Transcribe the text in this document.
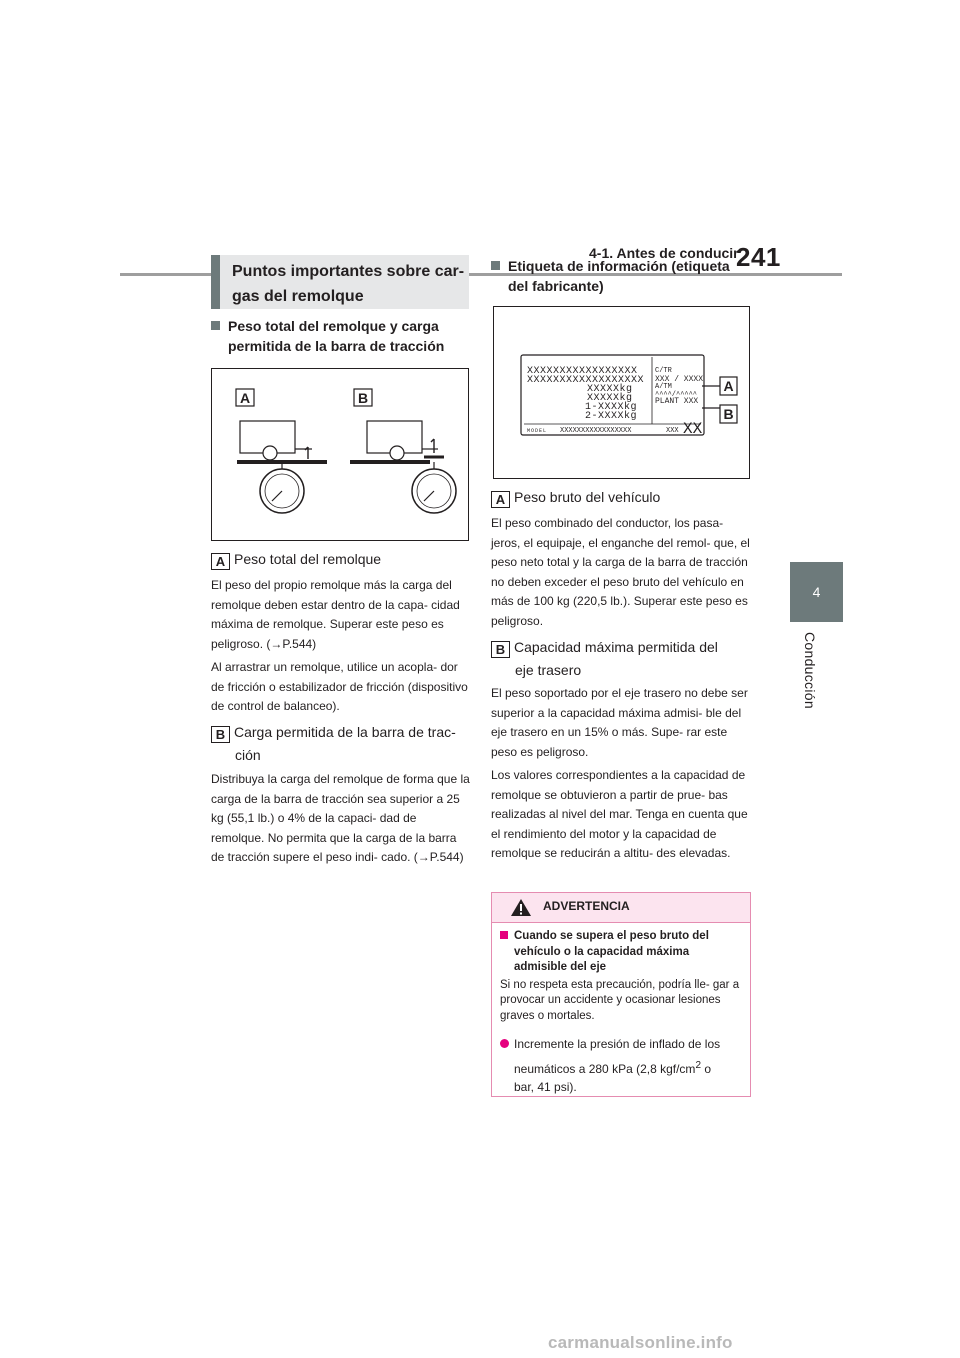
4-1. Antes de conducir
241
4
Conducción
Puntos importantes sobre car-
gas del remolque
Peso total del remolque y carga
permitida de la barra de tracción
A	B
A Peso total del remolque

El peso del propio remolque más la carga del remolque deben estar dentro de la capa- cidad máxima de remolque. Superar este peso es peligroso. (→P.544)

Al arrastrar un remolque, utilice un acopla- dor de fricción o estabilizador de fricción (dispositivo de control de balanceo).

B Carga permitida de la barra de trac-
ción

Distribuya la carga del remolque de forma que la carga de la barra de tracción sea superior a 25 kg (55,1 lb.) o 4% de la capaci- dad de remolque. No permita que la carga de la barra de tracción supere el peso indi- cado. (→P.544)

Etiqueta de información (etiqueta
del fabricante)
XXXXXXXXXXXXXXXXX
XXXXXXXXXXXXXXXXXX
XXXXXkg
XXXXXkg
1-XXXXkg
2-XXXXkg
C/TR
XXX / XXXX
A/TM
^^^^/^^^^^
PLANT XXX
MODEL XXXXXXXXXXXXXXXXX	XXX XX
A
B
A Peso bruto del vehículo

El peso combinado del conductor, los pasa- jeros, el equipaje, el enganche del remol- que, el peso neto total y la carga de la barra de tracción no deben exceder el peso bruto del vehículo en más de 100 kg (220,5 lb.). Superar este peso es peligroso.

B Capacidad máxima permitida del
eje trasero

El peso soportado por el eje trasero no debe ser superior a la capacidad máxima admisi- ble del eje trasero en un 15% o más. Supe- rar este peso es peligroso.

Los valores correspondientes a la capacidad de remolque se obtuvieron a partir de prue- bas realizadas al nivel del mar. Tenga en cuenta que el rendimiento del motor y la capacidad de remolque se reducirán a altitu- des elevadas.

ADVERTENCIA
Cuando se supera el peso bruto del
vehículo o la capacidad máxima
admisible del eje
Si no respeta esta precaución, podría lle- gar a provocar un accidente y ocasionar lesiones graves o mortales.
Incremente la presión de inflado de los
neumáticos a 280 kPa (2,8 kgf/$cm^2$ o
bar, 41 psi).
carmanualsonline.info
